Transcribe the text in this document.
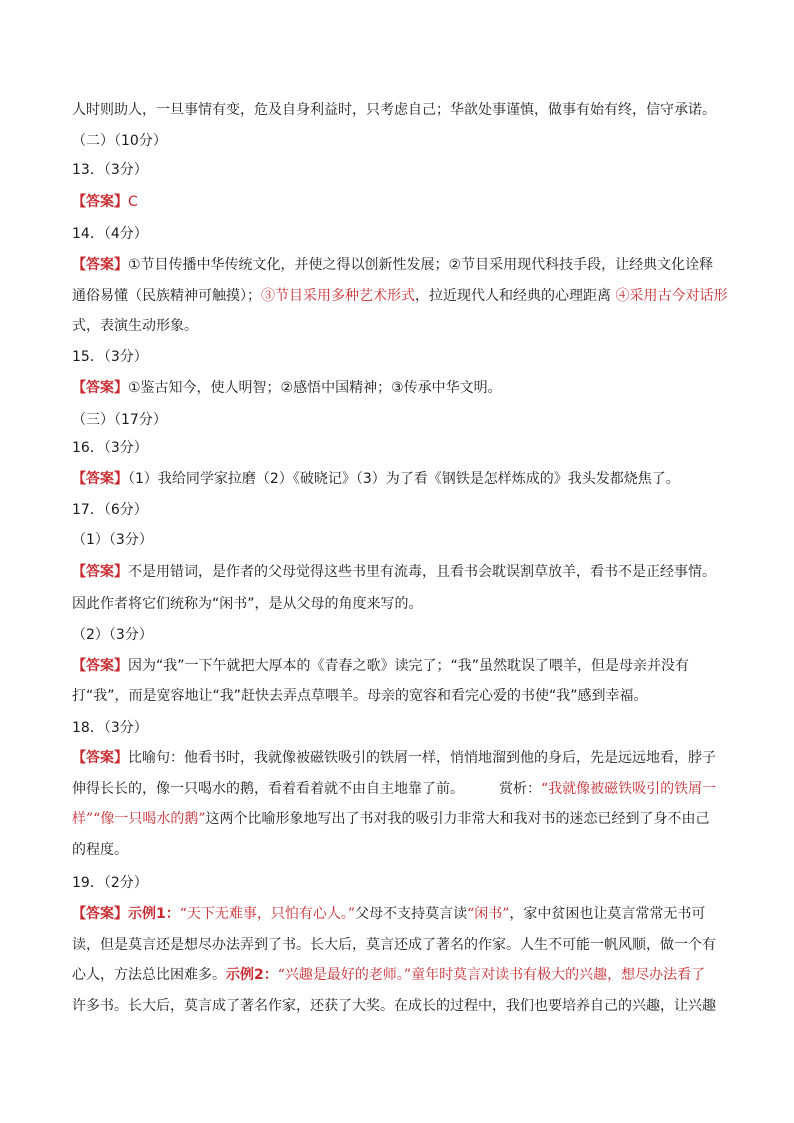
人时则助人，一旦事情有变，危及自身利益时，只考虑自己；华歆处事谨慎，做事有始有终，信守承诺。
（二）（10分）
13．（3分）
【答案】C
14．（4分）
【答案】①节目传播中华传统文化，并使之得以创新性发展；②节目采用现代科技手段，让经典文化诠释
通俗易懂（民族精神可触摸）；③节目采用多种艺术形式，拉近现代人和经典的心理距离 ④采用古今对话形
式，表演生动形象。
15．（3分）
【答案】①鉴古知今，使人明智；②感悟中国精神；③传承中华文明。
（三）（17分）
16．（3分）
【答案】（1）我给同学家拉磨（2）《破晓记》（3）为了看《钢铁是怎样炼成的》我头发都烧焦了。
17．（6分）
（1）（3分）
【答案】不是用错词，是作者的父母觉得这些书里有流毒，且看书会耽误割草放羊，看书不是正经事情。
因此作者将它们统称为“闲书”，是从父母的角度来写的。
（2）（3分）
【答案】因为“我”一下午就把大厚本的《青春之歌》读完了；“我”虽然耽误了喂羊，但是母亲并没有
打“我”，而是宽容地让“我”赶快去弄点草喂羊。母亲的宽容和看完心爱的书使“我”感到幸福。
18．（3分）
【答案】比喻句：他看书时，我就像被磁铁吸引的铁屑一样，悄悄地溜到他的身后，先是远远地看，脖子
伸得长长的，像一只喝水的鹅，看着看着就不由自主地靠了前。　　　赏析：“我就像被磁铁吸引的铁屑一
样”“像一只喝水的鹅”这两个比喻形象地写出了书对我的吸引力非常大和我对书的迷恋已经到了身不由己
的程度。
19．（2分）
【答案】示例1：“天下无难事，只怕有心人。”父母不支持莫言读“闲书”，家中贫困也让莫言常常无书可
读，但是莫言还是想尽办法弄到了书。长大后，莫言还成了著名的作家。人生不可能一帆风顺，做一个有
心人，方法总比困难多。示例2：“兴趣是最好的老师。”童年时莫言对读书有极大的兴趣，想尽办法看了
许多书。长大后，莫言成了著名作家，还获了大奖。在成长的过程中，我们也要培养自己的兴趣，让兴趣
